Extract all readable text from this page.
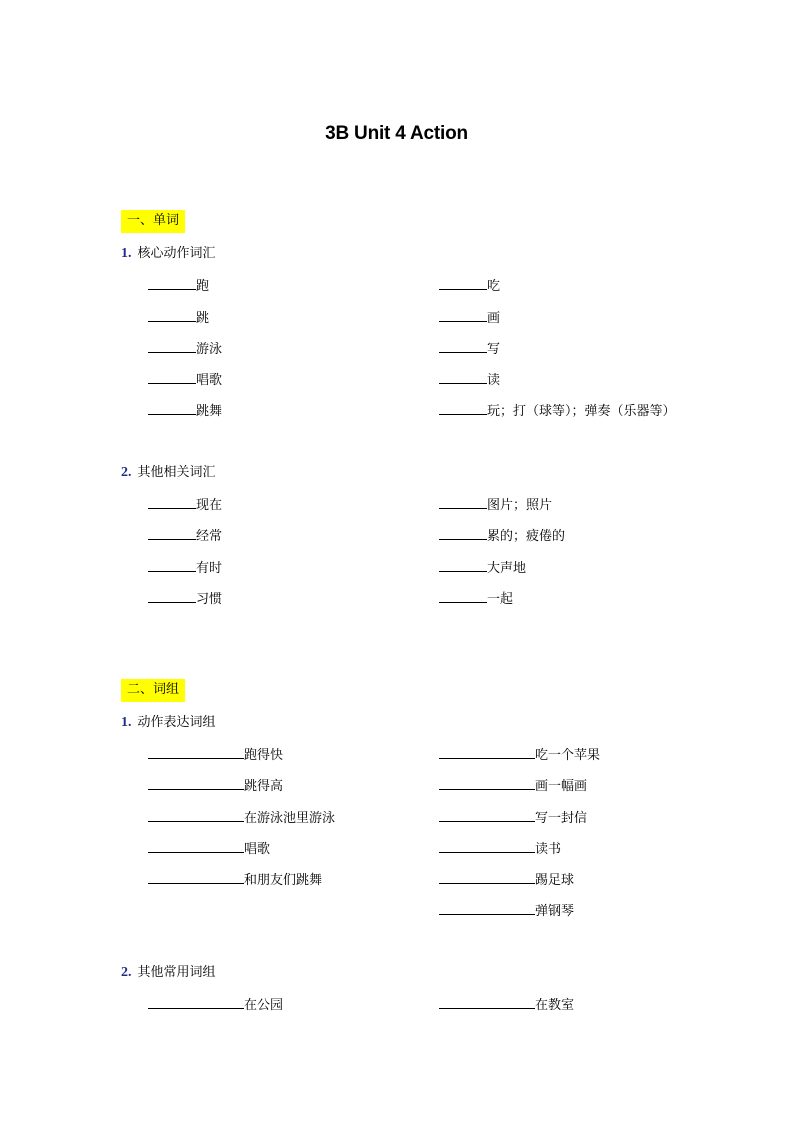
3B Unit 4 Action
一、单词
1. 核心动作词汇
跑
跳
游泳
唱歌
跳舞
吃
画
写
读
玩；打（球等）；弹奏（乐器等）
2. 其他相关词汇
现在
经常
有时
习惯
图片；照片
累的；疲倦的
大声地
一起
二、词组
1. 动作表达词组
跑得快
跳得高
在游泳池里游泳
唱歌
和朋友们跳舞
吃一个苹果
画一幅画
写一封信
读书
踢足球
弹钢琴
2. 其他常用词组
在公园	在教室
